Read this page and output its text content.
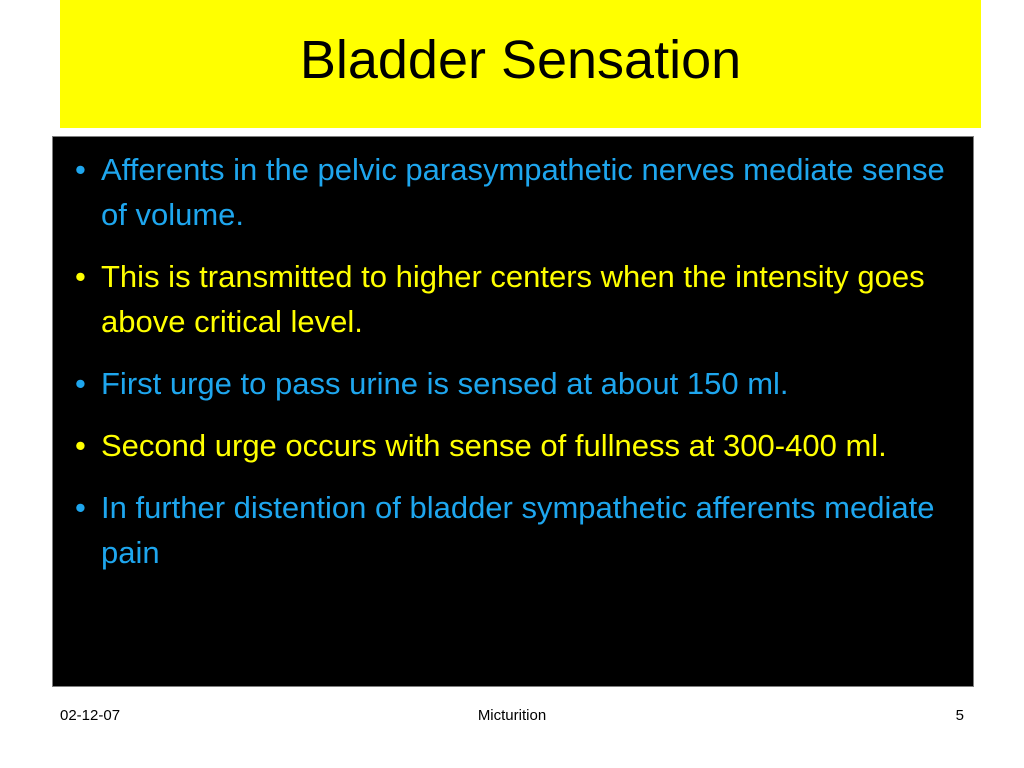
Bladder Sensation
• Afferents in the pelvic parasympathetic nerves mediate sense of volume.
• This is transmitted to higher centers when the intensity goes above critical level.
• First urge to pass urine is sensed at about 150 ml.
• Second urge occurs with sense of fullness at 300-400 ml.
• In further distention of bladder sympathetic afferents mediate pain
02-12-07	Micturition	5
